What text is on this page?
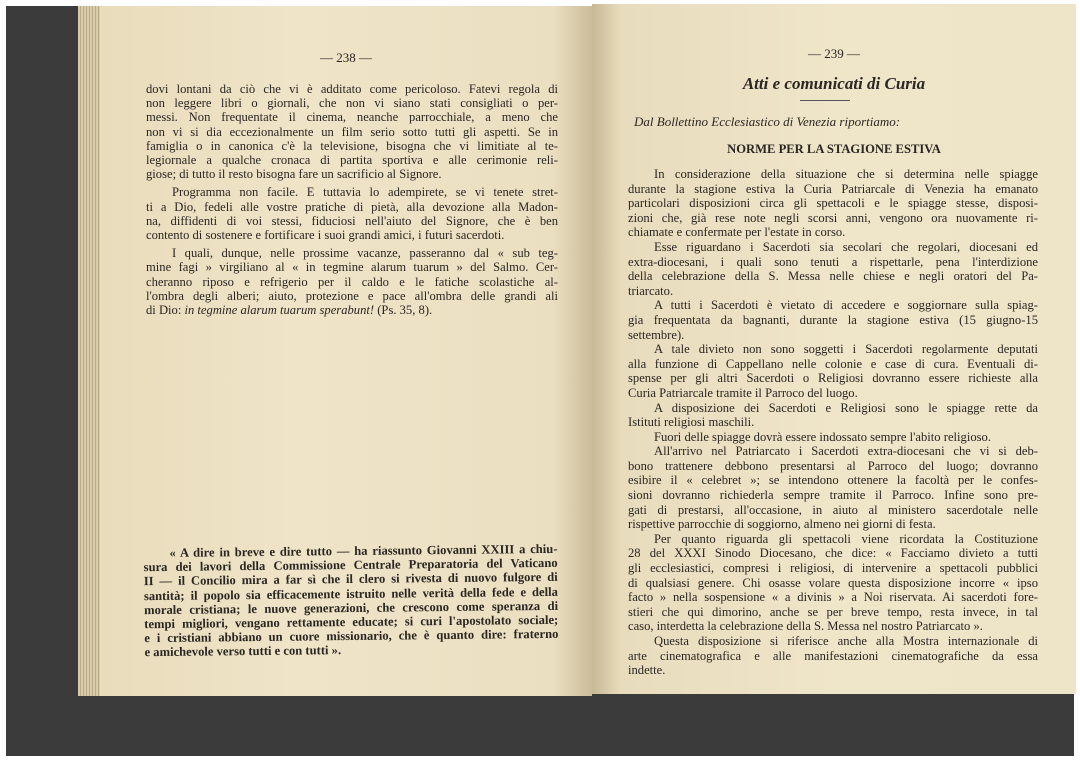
— 238 —
dovi lontani da ciò che vi è additato come pericoloso. Fatevi regola di
non leggere libri o giornali, che non vi siano stati consigliati o per-
messi. Non frequentate il cinema, neanche parrocchiale, a meno che
non vi si dia eccezionalmente un film serio sotto tutti gli aspetti. Se in
famiglia o in canonica c'è la televisione, bisogna che vi limitiate al te-
legiornale a qualche cronaca di partita sportiva e alle cerimonie reli-
giose; di tutto il resto bisogna fare un sacrificio al Signore.
Programma non facile. E tuttavia lo adempirete, se vi tenete stret-
ti a Dio, fedeli alle vostre pratiche di pietà, alla devozione alla Madon-
na, diffidenti di voi stessi, fiduciosi nell'aiuto del Signore, che è ben
contento di sostenere e fortificare i suoi grandi amici, i futuri sacerdoti.
I quali, dunque, nelle prossime vacanze, passeranno dal « sub teg-
mine fagi » virgiliano al « in tegmine alarum tuarum » del Salmo. Cer-
cheranno riposo e refrigerio per il caldo e le fatiche scolastiche al-
l'ombra degli alberi; aiuto, protezione e pace all'ombra delle grandi ali
di Dio: in tegmine alarum tuarum sperabunt! (Ps. 35, 8).
« A dire in breve e dire tutto — ha riassunto Giovanni XXIII a chiu-
sura dei lavori della Commissione Centrale Preparatoria del Vaticano
II — il Concilio mira a far sì che il clero si rivesta di nuovo fulgore di
santità; il popolo sia efficacemente istruito nelle verità della fede e della
morale cristiana; le nuove generazioni, che crescono come speranza di
tempi migliori, vengano rettamente educate; si curi l'apostolato sociale;
e i cristiani abbiano un cuore missionario, che è quanto dire: fraterno
e amichevole verso tutti e con tutti ».
— 239 —
Atti e comunicati di Curia
Dal Bollettino Ecclesiastico di Venezia riportiamo:
NORME PER LA STAGIONE ESTIVA
In considerazione della situazione che si determina nelle spiagge
durante la stagione estiva la Curia Patriarcale di Venezia ha emanato
particolari disposizioni circa gli spettacoli e le spiagge stesse, disposi-
zioni che, già rese note negli scorsi anni, vengono ora nuovamente ri-
chiamate e confermate per l'estate in corso.
Esse riguardano i Sacerdoti sia secolari che regolari, diocesani ed
extra-diocesani, i quali sono tenuti a rispettarle, pena l'interdizione
della celebrazione della S. Messa nelle chiese e negli oratori del Pa-
triarcato.
A tutti i Sacerdoti è vietato di accedere e soggiornare sulla spiag-
gia frequentata da bagnanti, durante la stagione estiva (15 giugno-15
settembre).
A tale divieto non sono soggetti i Sacerdoti regolarmente deputati
alla funzione di Cappellano nelle colonie e case di cura. Eventuali di-
spense per gli altri Sacerdoti o Religiosi dovranno essere richieste alla
Curia Patriarcale tramite il Parroco del luogo.
A disposizione dei Sacerdoti e Religiosi sono le spiagge rette da
Istituti religiosi maschili.
Fuori delle spiagge dovrà essere indossato sempre l'abito religioso.
All'arrivo nel Patriarcato i Sacerdoti extra-diocesani che vi si deb-
bono trattenere debbono presentarsi al Parroco del luogo; dovranno
esibire il « celebret »; se intendono ottenere la facoltà per le confes-
sioni dovranno richiederla sempre tramite il Parroco. Infine sono pre-
gati di prestarsi, all'occasione, in aiuto al ministero sacerdotale nelle
rispettive parrocchie di soggiorno, almeno nei giorni di festa.
Per quanto riguarda gli spettacoli viene ricordata la Costituzione
28 del XXXI Sinodo Diocesano, che dice: « Facciamo divieto a tutti
gli ecclesiastici, compresi i religiosi, di intervenire a spettacoli pubblici
di qualsiasi genere. Chi osasse volare questa disposizione incorre « ipso
facto » nella sospensione « a divinis » a Noi riservata. Ai sacerdoti fore-
stieri che qui dimorino, anche se per breve tempo, resta invece, in tal
caso, interdetta la celebrazione della S. Messa nel nostro Patriarcato ».
Questa disposizione si riferisce anche alla Mostra internazionale di
arte cinematografica e alle manifestazioni cinematografiche da essa
indette.
